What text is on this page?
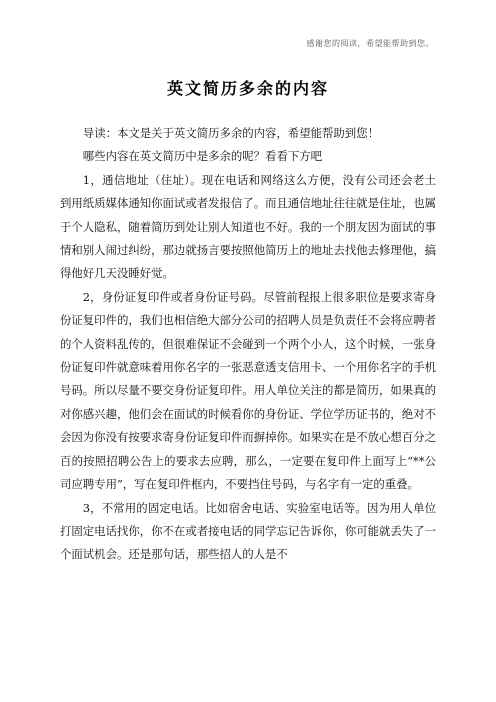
感谢您的阅读，希望能帮助到您。
英文简历多余的内容

导读：本文是关于英文简历多余的内容，希望能帮助到您！

哪些内容在英文简历中是多余的呢？看看下方吧

1，通信地址（住址）。现在电话和网络这么方便，没有公司还会老土到用纸质媒体通知你面试或者发报信了。而且通信地址往往就是住址，也属于个人隐私，随着简历到处让别人知道也不好。我的一个朋友因为面试的事情和别人闹过纠纷，那边就扬言要按照他简历上的地址去找他去修理他，搞得他好几天没睡好觉。

2，身份证复印件或者身份证号码。尽管前程报上很多职位是要求寄身份证复印件的，我们也相信绝大部分公司的招聘人员是负责任不会将应聘者的个人资料乱传的，但很难保证不会碰到一个两个小人，这个时候，一张身份证复印件就意味着用你名字的一张恶意透支信用卡、一个用你名字的手机号码。所以尽量不要交身份证复印件。用人单位关注的都是简历，如果真的对你感兴趣，他们会在面试的时候看你的身份证、学位学历证书的，绝对不会因为你没有按要求寄身份证复印件而摒掉你。如果实在是不放心想百分之百的按照招聘公告上的要求去应聘，那么，一定要在复印件上面写上“**公司应聘专用”，写在复印件框内，不要挡住号码，与名字有一定的重叠。

3，不常用的固定电话。比如宿舍电话、实验室电话等。因为用人单位打固定电话找你，你不在或者接电话的同学忘记告诉你，你可能就丢失了一个面试机会。还是那句话，那些招人的人是不
